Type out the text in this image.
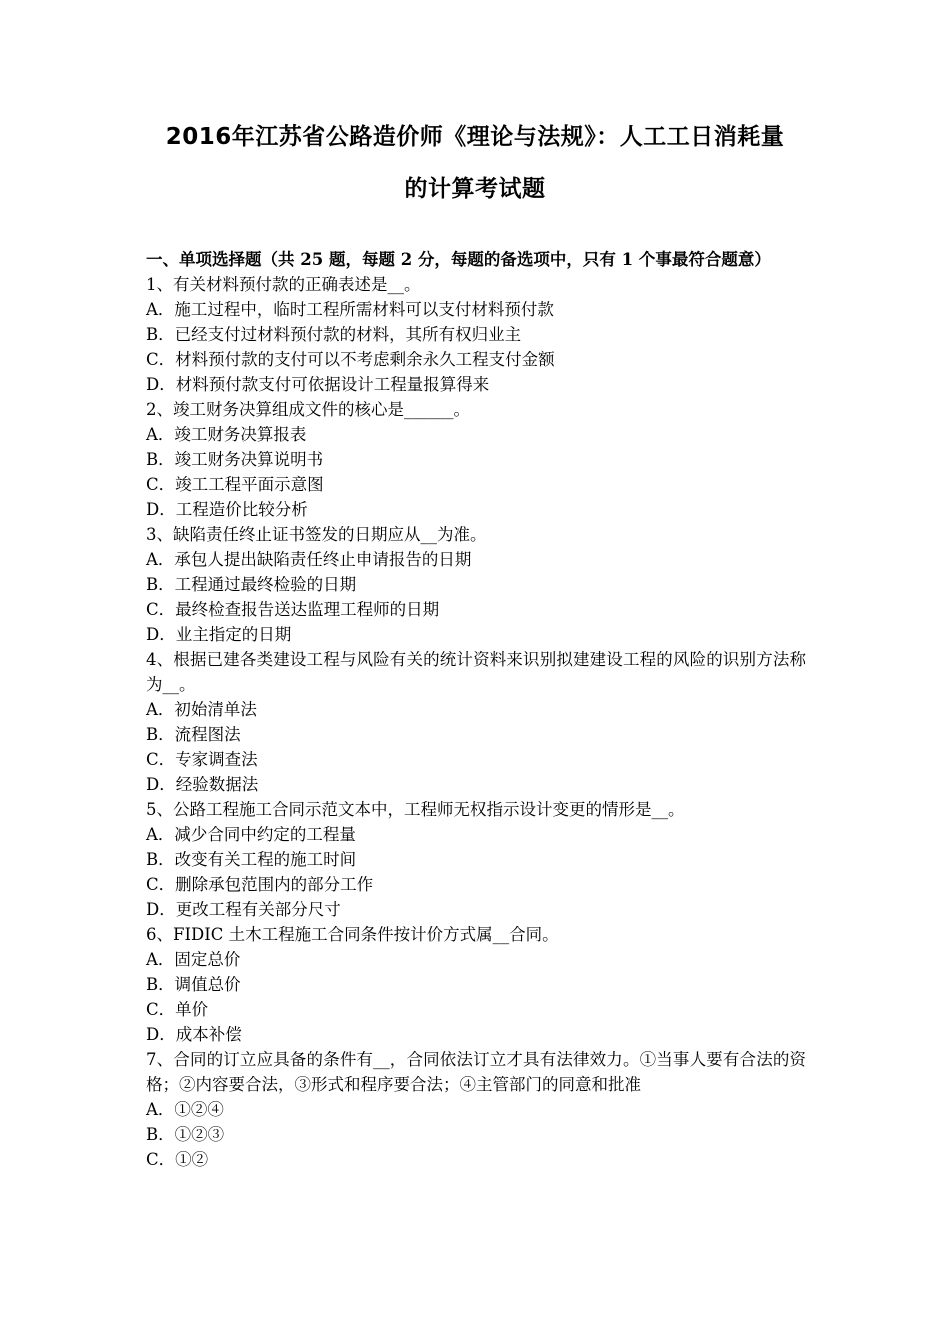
2016年江苏省公路造价师《理论与法规》：人工工日消耗量
的计算考试题
一、单项选择题（共 25 题，每题 2 分，每题的备选项中，只有 1 个事最符合题意）
1、有关材料预付款的正确表述是__。
A．施工过程中，临时工程所需材料可以支付材料预付款
B．已经支付过材料预付款的材料，其所有权归业主
C．材料预付款的支付可以不考虑剩余永久工程支付金额
D．材料预付款支付可依据设计工程量报算得来
2、竣工财务决算组成文件的核心是______。
A．竣工财务决算报表
B．竣工财务决算说明书
C．竣工工程平面示意图
D．工程造价比较分析
3、缺陷责任终止证书签发的日期应从__为准。
A．承包人提出缺陷责任终止申请报告的日期
B．工程通过最终检验的日期
C．最终检查报告送达监理工程师的日期
D．业主指定的日期
4、根据已建各类建设工程与风险有关的统计资料来识别拟建建设工程的风险的识别方法称为__。
A．初始清单法
B．流程图法
C．专家调查法
D．经验数据法
5、公路工程施工合同示范文本中，工程师无权指示设计变更的情形是__。
A．减少合同中约定的工程量
B．改变有关工程的施工时间
C．删除承包范围内的部分工作
D．更改工程有关部分尺寸
6、FIDIC 土木工程施工合同条件按计价方式属__合同。
A．固定总价
B．调值总价
C．单价
D．成本补偿
7、合同的订立应具备的条件有__，合同依法订立才具有法律效力。①当事人要有合法的资格；②内容要合法，③形式和程序要合法；④主管部门的同意和批准
A．①②④
B．①②③
C．①②
